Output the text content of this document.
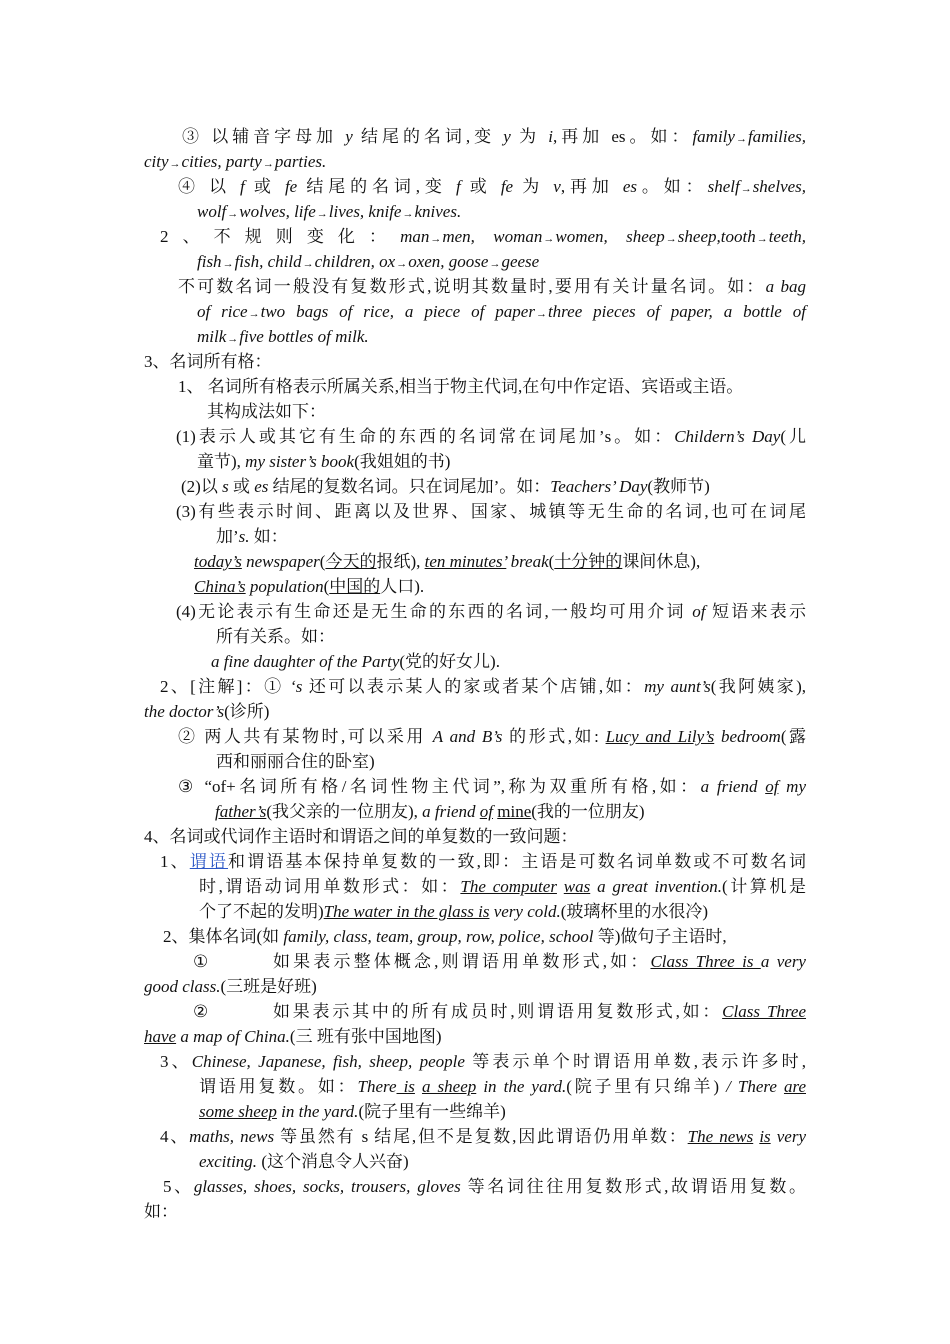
③ 以辅音字母加 y 结尾的名词,变 y 为 i,再加 es。如：family→families,
city→cities, party→parties.
④ 以 f 或 fe 结尾的名词,变 f 或 fe 为 v,再加 es。如：shelf→shelves,
wolf→wolves, life→lives, knife→knives.
2、不规则变化：man→men, woman→women, sheep→sheep,tooth→teeth,
fish→fish, child→children, ox→oxen, goose→geese
不可数名词一般没有复数形式,说明其数量时,要用有关计量名词。如：a bag
of rice→two bags of rice, a piece of paper→three pieces of paper, a bottle of
milk→five bottles of milk.
3、名词所有格：
1、 名词所有格表示所属关系,相当于物主代词,在句中作定语、宾语或主语。
其构成法如下：
(1)表示人或其它有生命的东西的名词常在词尾加’s。如：Childern’s Day(儿
童节), my sister’s book(我姐姐的书)
(2)以 s 或 es 结尾的复数名词。只在词尾加’。如：Teachers’ Day(教师节)
(3)有些表示时间、距离以及世界、国家、城镇等无生命的名词,也可在词尾
加’s. 如：
today’s newspaper(今天的报纸), ten minutes’ break(十分钟的课间休息),
China’s population(中国的人口).
(4)无论表示有生命还是无生命的东西的名词,一般均可用介词 of 短语来表示
所有关系。如：
a fine daughter of the Party(党的好女儿).
2、[注解]：① ‘s 还可以表示某人的家或者某个店铺,如：my aunt’s(我阿姨家),
the doctor’s(诊所)
② 两人共有某物时,可以采用 A and B’s 的形式,如: Lucy and Lily’s bedroom(露
西和丽丽合住的卧室)
③ “of+名词所有格/名词性物主代词”,称为双重所有格,如：a friend of my
father’s(我父亲的一位朋友), a friend of mine(我的一位朋友)
4、名词或代词作主语时和谓语之间的单复数的一致问题：
1、谓语和谓语基本保持单复数的一致,即：主语是可数名词单数或不可数名词
时,谓语动词用单数形式：如：The computer was a great invention.(计算机是
个了不起的发明)The water in the glass is very cold.(玻璃杯里的水很冷)
2、集体名词(如 family, class, team, group, row, police, school 等)做句子主语时,
①	如果表示整体概念,则谓语用单数形式,如：Class Three is a very
good class.(三班是好班)
②	如果表示其中的所有成员时,则谓语用复数形式,如：Class Three
have a map of China.(三 班有张中国地图)
3、Chinese, Japanese, fish, sheep, people 等表示单个时谓语用单数,表示许多时,
谓语用复数。如：There is a sheep in the yard.(院子里有只绵羊) / There are
some sheep in the yard.(院子里有一些绵羊)
4、maths, news 等虽然有 s 结尾,但不是复数,因此谓语仍用单数：The news is very
exciting. (这个消息令人兴奋)
5、glasses, shoes, socks, trousers, gloves 等名词往往用复数形式,故谓语用复数。
如：
